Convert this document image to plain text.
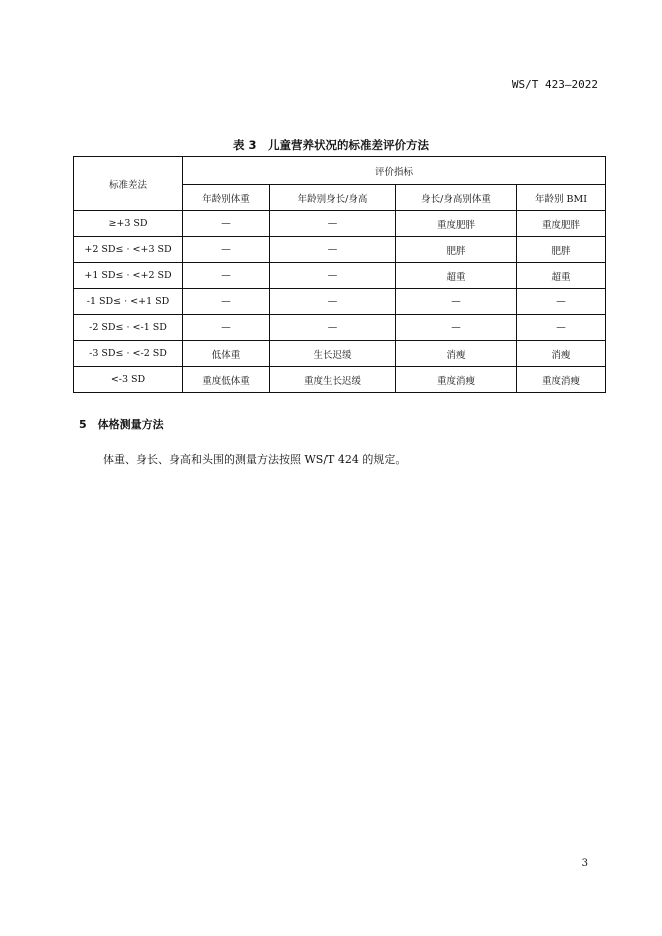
WS/T 423—2022
表 3　儿童营养状况的标准差评价方法
标准差法	评价指标			
	年龄别体重	年龄别身长/身高	身长/身高别体重	年龄别 BMI
≥+3 SD	—	—	重度肥胖	重度肥胖
+2 SD≤ · <+3 SD	—	—	肥胖	肥胖
+1 SD≤ · <+2 SD	—	—	超重	超重
-1 SD≤ · <+1 SD	—	—	—	—
-2 SD≤ · <-1 SD	—	—	—	—
-3 SD≤ · <-2 SD	低体重	生长迟缓	消瘦	消瘦
<-3 SD	重度低体重	重度生长迟缓	重度消瘦	重度消瘦
5　体格测量方法
体重、身长、身高和头围的测量方法按照 WS/T 424 的规定。
3
